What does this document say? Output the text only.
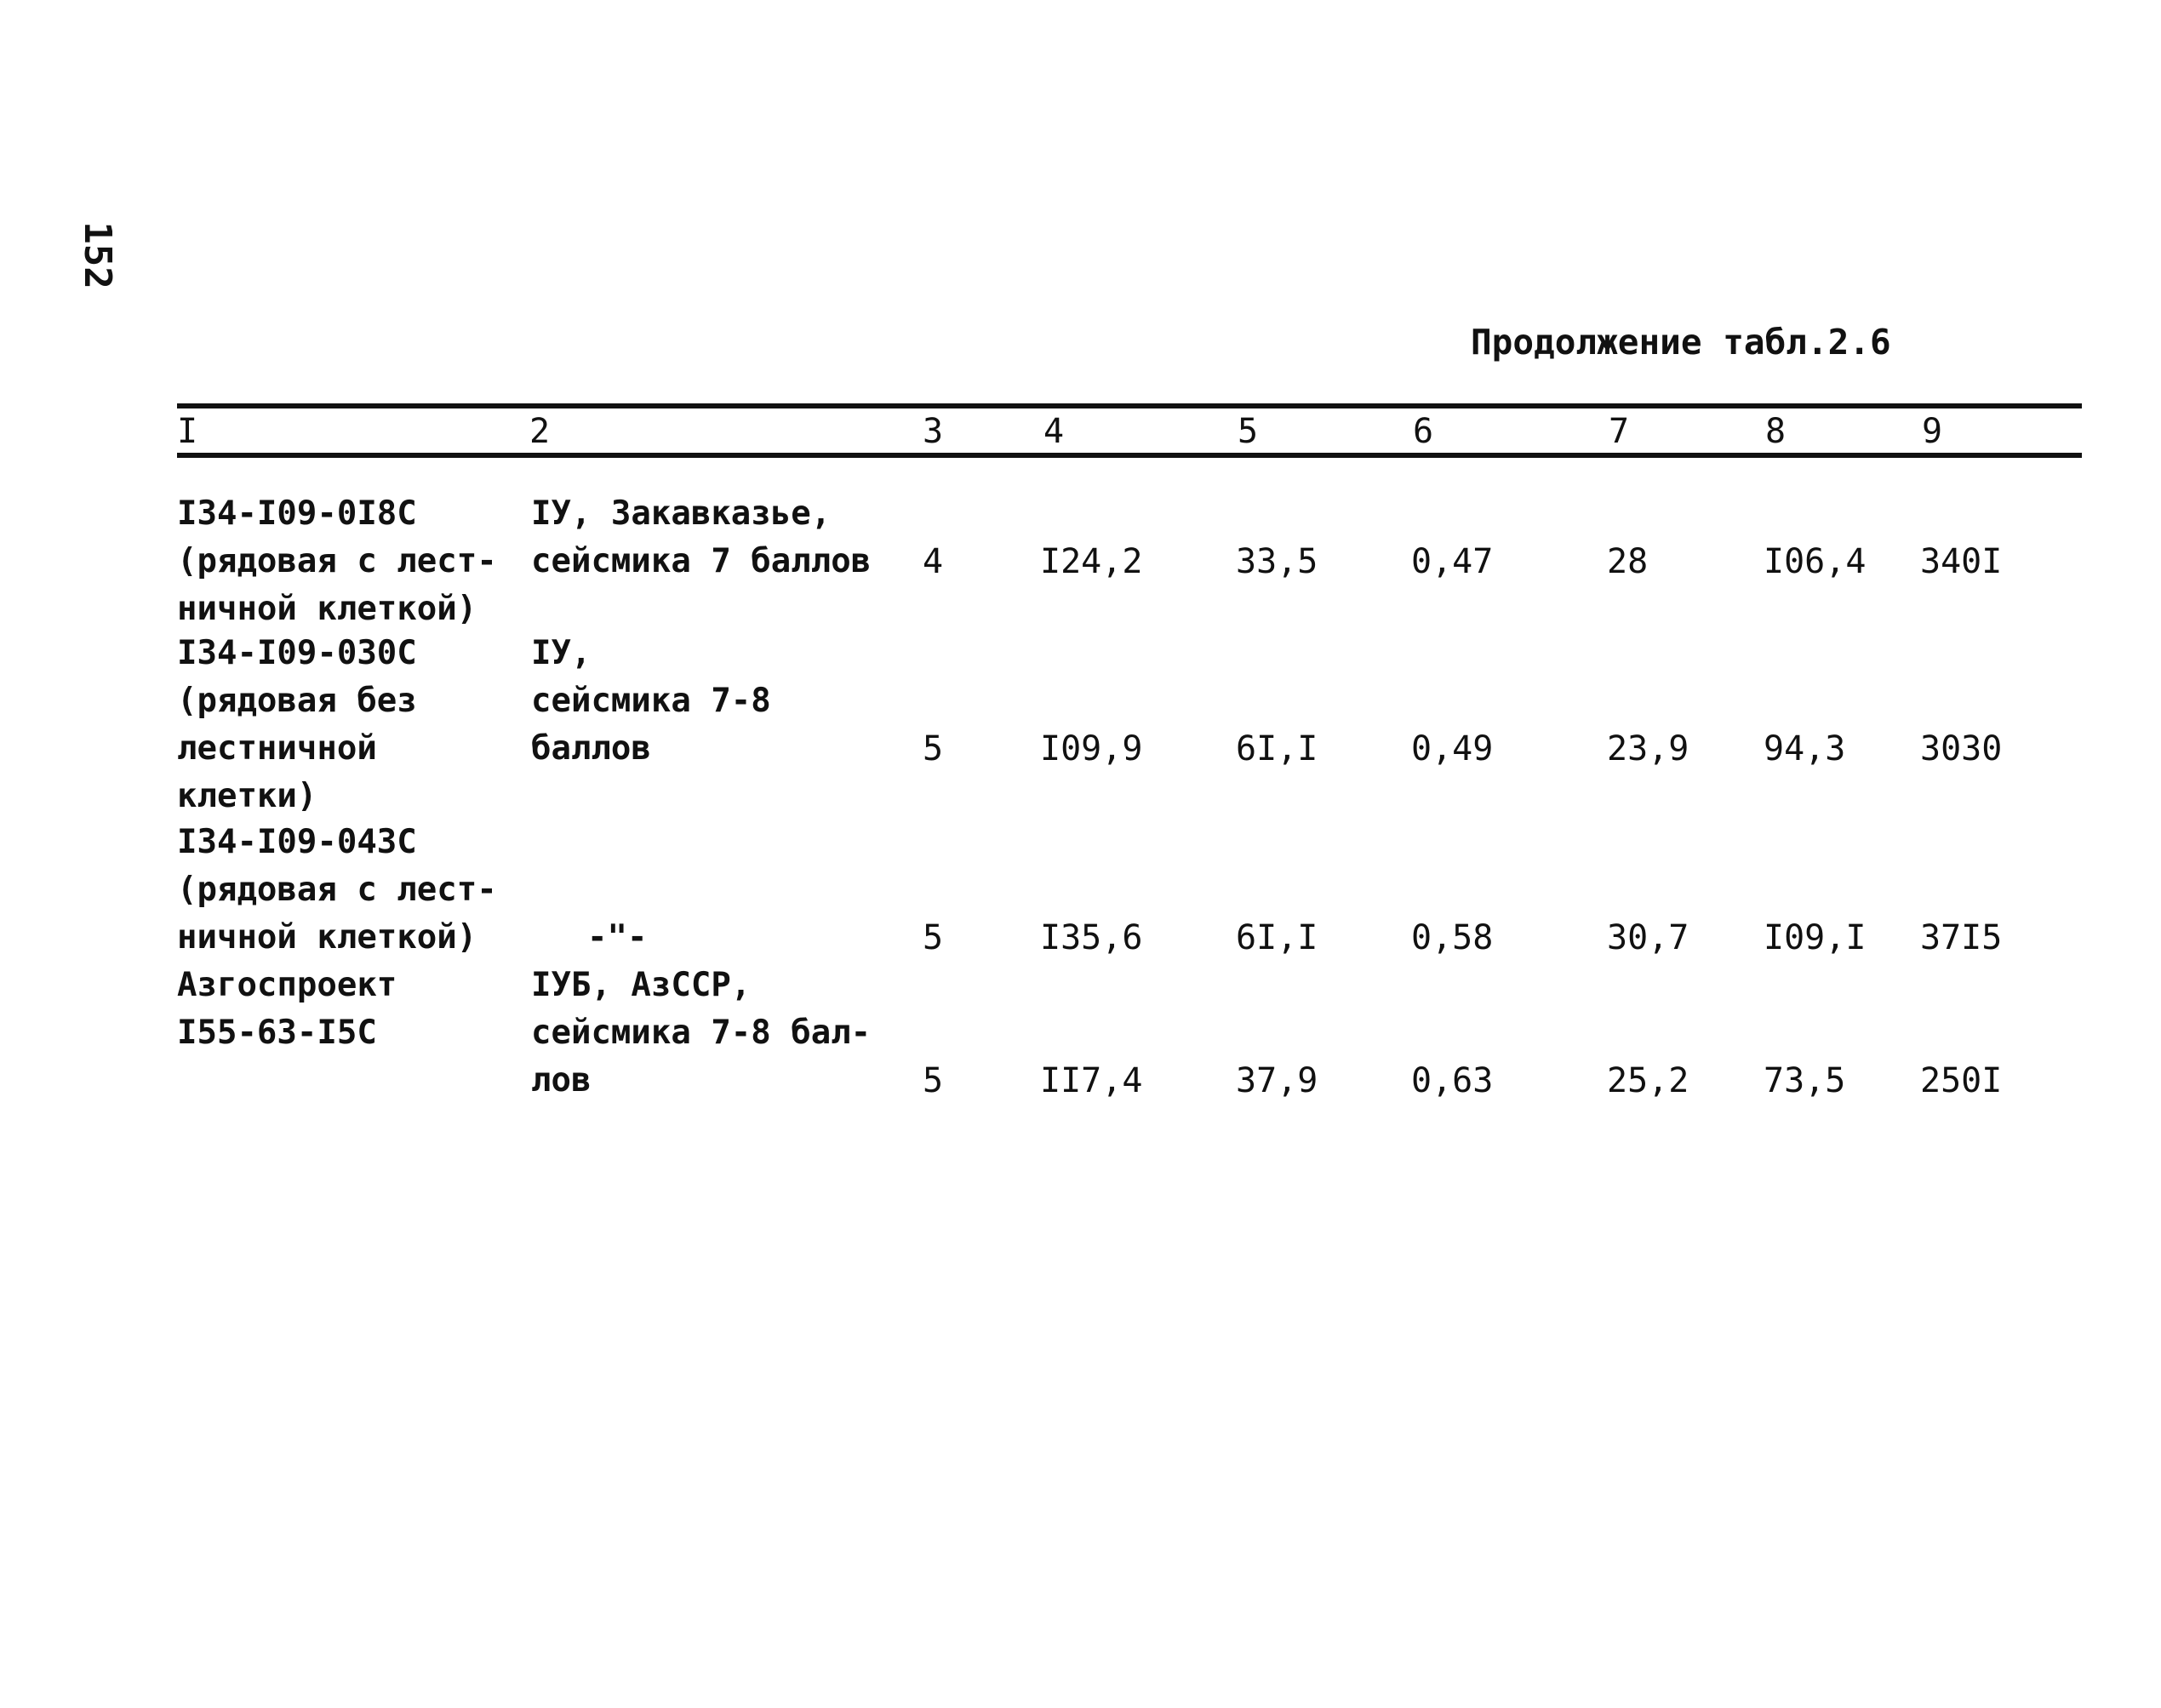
152
Продолжение табл.2.6
I	2	3	4	5	6	7	8	9
I34-I09-0I8C
(рядовая с лест-
ничной клеткой)
IУ, Закавказье,
сейсмика 7 баллов 4	I24,2	33,5	0,47	28	I06,4 340I
I34-I09-030C
(рядовая без
лестничной
клетки)
IУ,
сейсмика 7-8
баллов	5	I09,9	6I,I	0,49	23,9 94,3 3030
I34-I09-043C
(рядовая с лест-
ничной клеткой)	-"-	5	I35,6	6I,I	0,58	30,7 I09,I 37I5
Азгоспроект
I55-63-I5C
IУБ, АзССР,
сейсмика 7-8 бал-
лов	5	II7,4	37,9	0,63	25,2 73,5 250I
